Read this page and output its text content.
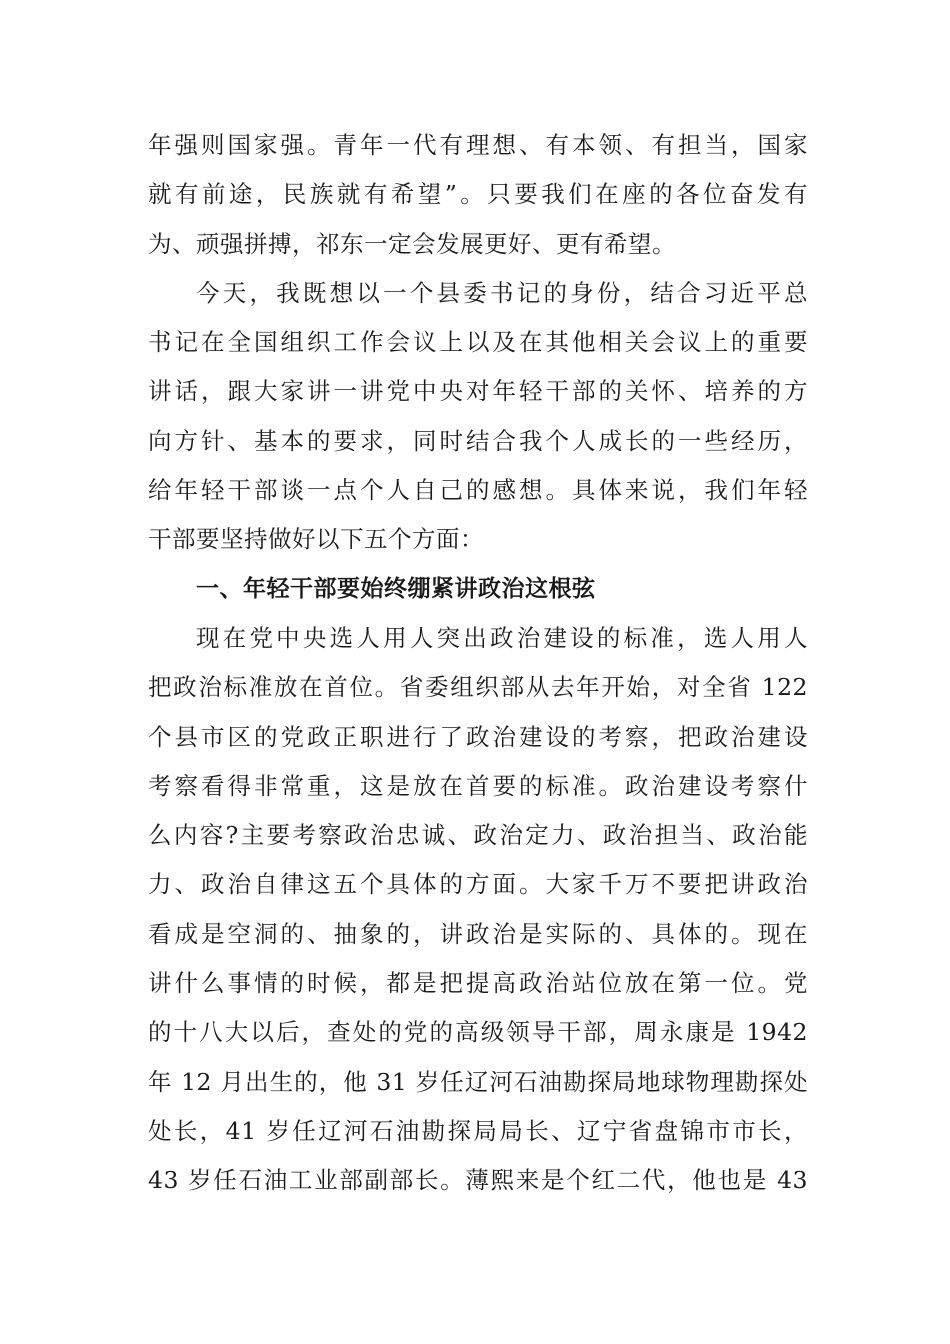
年强则国家强。青年一代有理想、有本领、有担当，国家
就有前途，民族就有希望”。只要我们在座的各位奋发有
为、顽强拼搏，祁东一定会发展更好、更有希望。
今天，我既想以一个县委书记的身份，结合习近平总
书记在全国组织工作会议上以及在其他相关会议上的重要
讲话，跟大家讲一讲党中央对年轻干部的关怀、培养的方
向方针、基本的要求，同时结合我个人成长的一些经历，
给年轻干部谈一点个人自己的感想。具体来说，我们年轻
干部要坚持做好以下五个方面：
一、年轻干部要始终绷紧讲政治这根弦
现在党中央选人用人突出政治建设的标准，选人用人
把政治标准放在首位。省委组织部从去年开始，对全省 122
个县市区的党政正职进行了政治建设的考察，把政治建设
考察看得非常重，这是放在首要的标准。政治建设考察什
么内容?主要考察政治忠诚、政治定力、政治担当、政治能
力、政治自律这五个具体的方面。大家千万不要把讲政治
看成是空洞的、抽象的，讲政治是实际的、具体的。现在
讲什么事情的时候，都是把提高政治站位放在第一位。党
的十八大以后，查处的党的高级领导干部，周永康是 1942
年 12 月出生的，他 31 岁任辽河石油勘探局地球物理勘探处
处长，41 岁任辽河石油勘探局局长、辽宁省盘锦市市长，
43 岁任石油工业部副部长。薄熙来是个红二代，他也是 43
